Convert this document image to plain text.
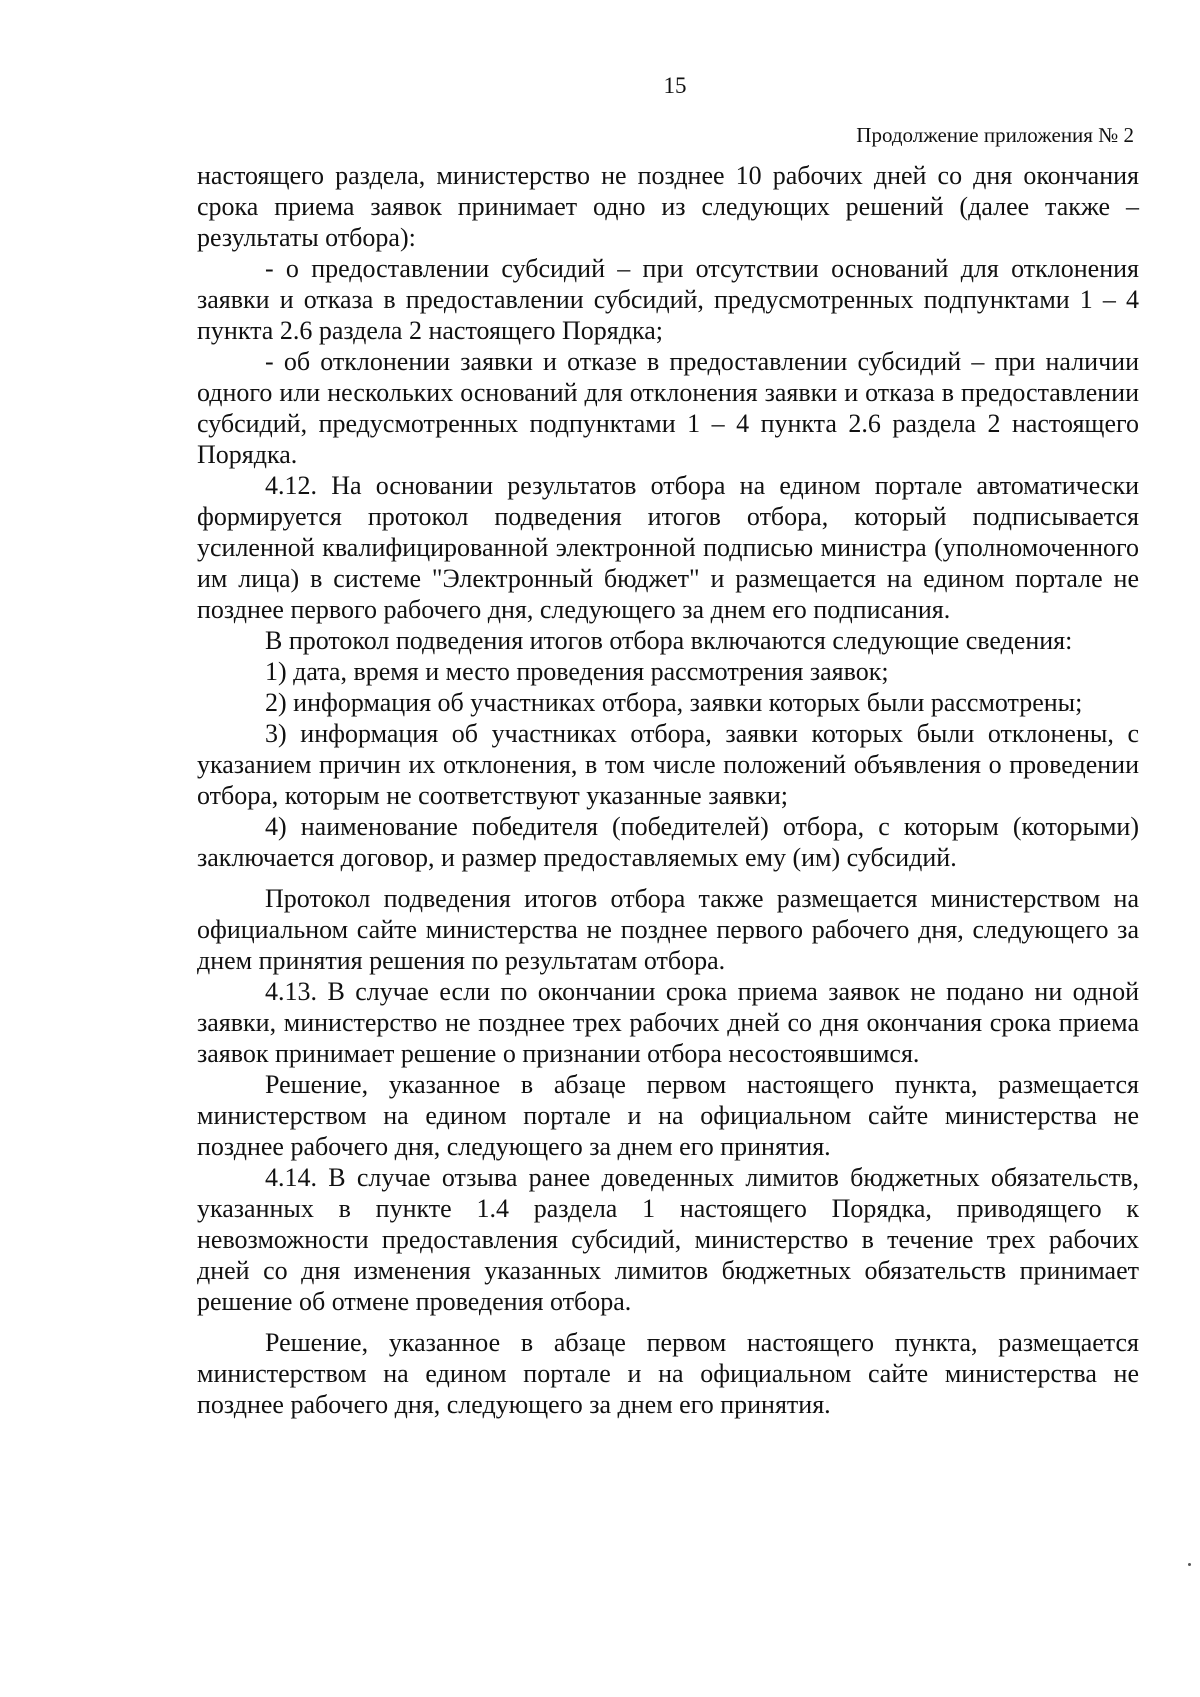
15
Продолжение приложения № 2

настоящего раздела, министерство не позднее 10 рабочих дней со дня окончания срока приема заявок принимает одно из следующих решений (далее также – результаты отбора):

- о предоставлении субсидий – при отсутствии оснований для отклонения заявки и отказа в предоставлении субсидий, предусмотренных подпунктами 1 – 4 пункта 2.6 раздела 2 настоящего Порядка;

- об отклонении заявки и отказе в предоставлении субсидий – при наличии одного или нескольких оснований для отклонения заявки и отказа в предоставлении субсидий, предусмотренных подпунктами 1 – 4 пункта 2.6 раздела 2 настоящего Порядка.

4.12. На основании результатов отбора на едином портале автоматически формируется протокол подведения итогов отбора, который подписывается усиленной квалифицированной электронной подписью министра (уполномоченного им лица) в системе "Электронный бюджет" и размещается на едином портале не позднее первого рабочего дня, следующего за днем его подписания.

В протокол подведения итогов отбора включаются следующие сведения:

1) дата, время и место проведения рассмотрения заявок;

2) информация об участниках отбора, заявки которых были рассмотрены;

3) информация об участниках отбора, заявки которых были отклонены, с указанием причин их отклонения, в том числе положений объявления о проведении отбора, которым не соответствуют указанные заявки;

4) наименование победителя (победителей) отбора, с которым (которыми) заключается договор, и размер предоставляемых ему (им) субсидий.

Протокол подведения итогов отбора также размещается министерством на официальном сайте министерства не позднее первого рабочего дня, следующего за днем принятия решения по результатам отбора.

4.13. В случае если по окончании срока приема заявок не подано ни одной заявки, министерство не позднее трех рабочих дней со дня окончания срока приема заявок принимает решение о признании отбора несостоявшимся.

Решение, указанное в абзаце первом настоящего пункта, размещается министерством на едином портале и на официальном сайте министерства не позднее рабочего дня, следующего за днем его принятия.

4.14. В случае отзыва ранее доведенных лимитов бюджетных обязательств, указанных в пункте 1.4 раздела 1 настоящего Порядка, приводящего к невозможности предоставления субсидий, министерство в течение трех рабочих дней со дня изменения указанных лимитов бюджетных обязательств принимает решение об отмене проведения отбора.

Решение, указанное в абзаце первом настоящего пункта, размещается министерством на едином портале и на официальном сайте министерства не позднее рабочего дня, следующего за днем его принятия.
